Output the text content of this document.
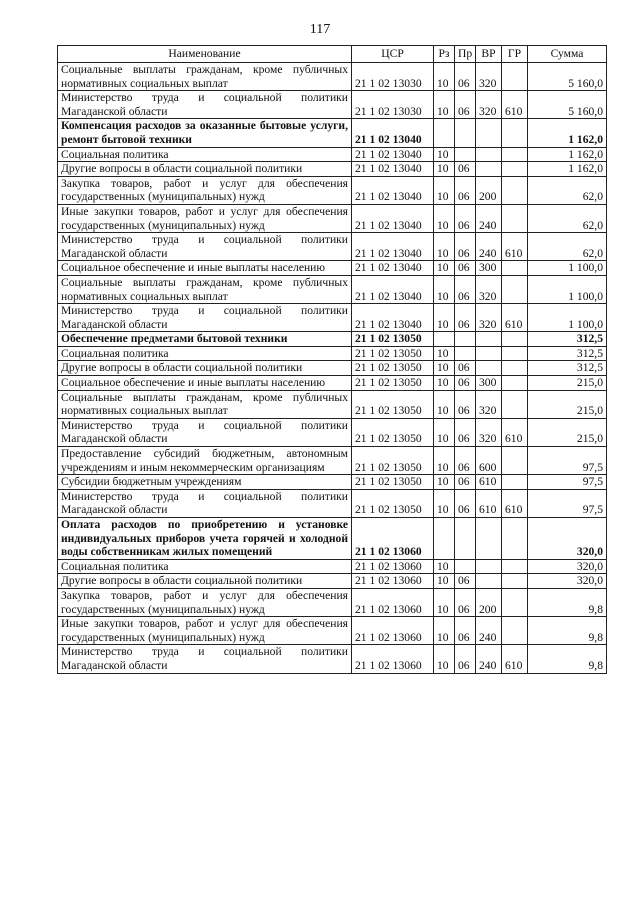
117
Наименование	ЦСР	Рз	Пр	ВР	ГР	Сумма
Социальные выплаты гражданам, кроме публичных нормативных социальных выплат	21 1 02 13030	10	06	320		5 160,0
Министерство труда и социальной политики Магаданской области	21 1 02 13030	10	06	320	610	5 160,0
Компенсация расходов за оказанные бытовые услуги, ремонт бытовой техники	21 1 02 13040					1 162,0
Социальная политика	21 1 02 13040	10				1 162,0
Другие вопросы в области социальной политики	21 1 02 13040	10	06			1 162,0
Закупка товаров, работ и услуг для обеспечения государственных (муниципальных) нужд	21 1 02 13040	10	06	200		62,0
Иные закупки товаров, работ и услуг для обеспечения государственных (муниципальных) нужд	21 1 02 13040	10	06	240		62,0
Министерство труда и социальной политики Магаданской области	21 1 02 13040	10	06	240	610	62,0
Социальное обеспечение и иные выплаты населению	21 1 02 13040	10	06	300		1 100,0
Социальные выплаты гражданам, кроме публичных нормативных социальных выплат	21 1 02 13040	10	06	320		1 100,0
Министерство труда и социальной политики Магаданской области	21 1 02 13040	10	06	320	610	1 100,0
Обеспечение предметами бытовой техники	21 1 02 13050					312,5
Социальная политика	21 1 02 13050	10				312,5
Другие вопросы в области социальной политики	21 1 02 13050	10	06			312,5
Социальное обеспечение и иные выплаты населению	21 1 02 13050	10	06	300		215,0
Социальные выплаты гражданам, кроме публичных нормативных социальных выплат	21 1 02 13050	10	06	320		215,0
Министерство труда и социальной политики Магаданской области	21 1 02 13050	10	06	320	610	215,0
Предоставление субсидий бюджетным, автономным учреждениям и иным некоммерческим организациям	21 1 02 13050	10	06	600		97,5
Субсидии бюджетным учреждениям	21 1 02 13050	10	06	610		97,5
Министерство труда и социальной политики Магаданской области	21 1 02 13050	10	06	610	610	97,5
Оплата расходов по приобретению и установке индивидуальных приборов учета горячей и холодной воды собственникам жилых помещений	21 1 02 13060					320,0
Социальная политика	21 1 02 13060	10				320,0
Другие вопросы в области социальной политики	21 1 02 13060	10	06			320,0
Закупка товаров, работ и услуг для обеспечения государственных (муниципальных) нужд	21 1 02 13060	10	06	200		9,8
Иные закупки товаров, работ и услуг для обеспечения государственных (муниципальных) нужд	21 1 02 13060	10	06	240		9,8
Министерство труда и социальной политики Магаданской области	21 1 02 13060	10	06	240	610	9,8
